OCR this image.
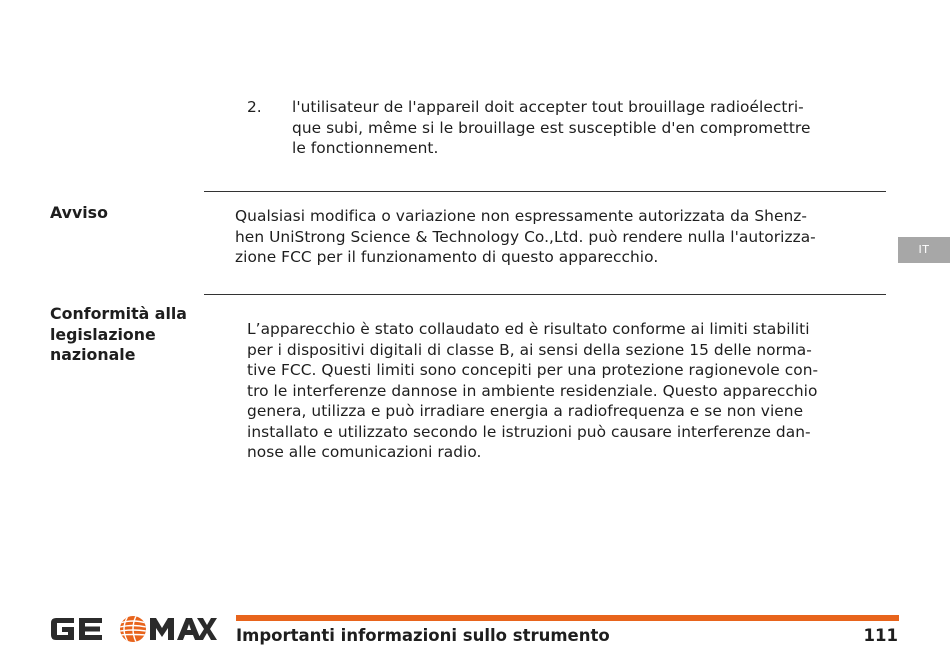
2. l'utilisateur de l'appareil doit accepter tout brouillage radioélectri-
que subi, même si le brouillage est susceptible d'en compromettre
le fonctionnement.
Avviso	Qualsiasi modifica o variazione non espressamente autorizzata da Shenz-
hen UniStrong Science & Technology Co.,Ltd. può rendere nulla l'autorizza-
zione FCC per il funzionamento di questo apparecchio.
Conformità alla
legislazione
nazionale
L’apparecchio è stato collaudato ed è risultato conforme ai limiti stabiliti
per i dispositivi digitali di classe B, ai sensi della sezione 15 delle norma-
tive FCC. Questi limiti sono concepiti per una protezione ragionevole con-
tro le interferenze dannose in ambiente residenziale. Questo apparecchio
genera, utilizza e può irradiare energia a radiofrequenza e se non viene
installato e utilizzato secondo le istruzioni può causare interferenze dan-
nose alle comunicazioni radio.
IT
Importanti informazioni sullo strumento	111
